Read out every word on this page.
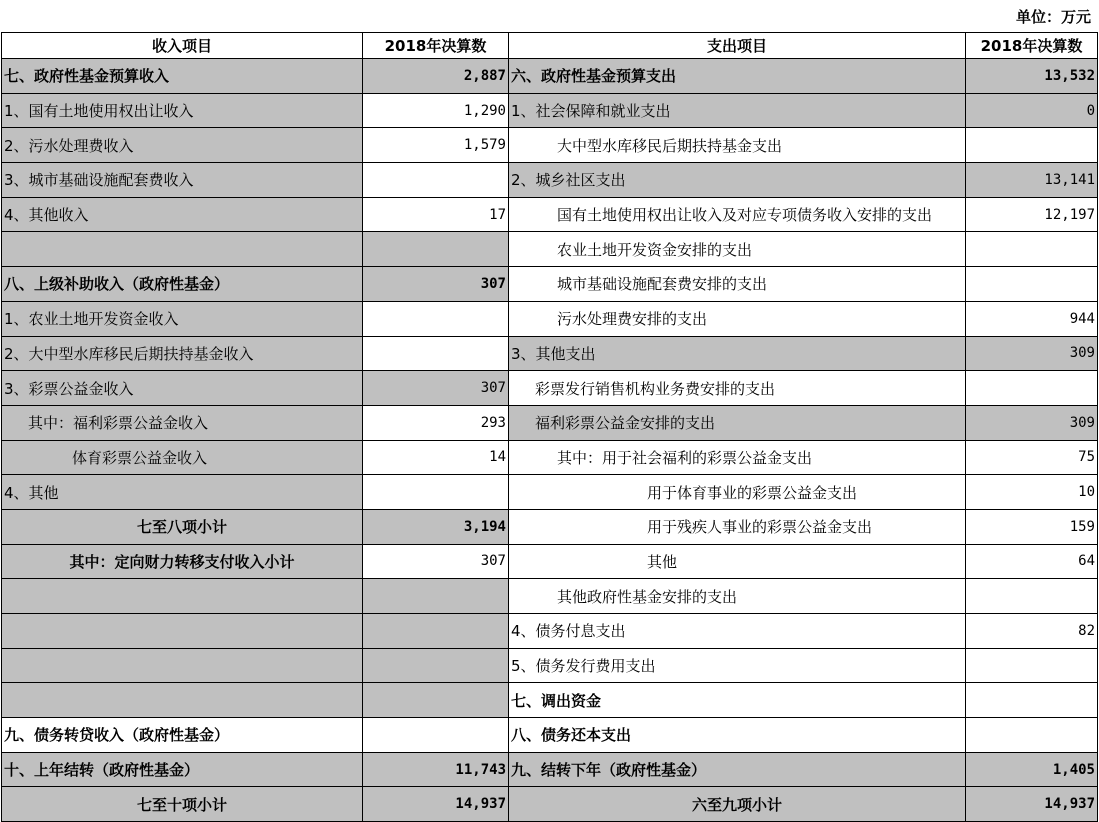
单位：万元
收入项目	2018年决算数	支出项目	2018年决算数
七、政府性基金预算收入	2,887	六、政府性基金预算支出	13,532
1、国有土地使用权出让收入	1,290	1、社会保障和就业支出	0
2、污水处理费收入	1,579	大中型水库移民后期扶持基金支出	
3、城市基础设施配套费收入		2、城乡社区支出	13,141
4、其他收入	17	国有土地使用权出让收入及对应专项债务收入安排的支出	12,197
		农业土地开发资金安排的支出	
八、上级补助收入（政府性基金）	307	城市基础设施配套费安排的支出	
1、农业土地开发资金收入		污水处理费安排的支出	944
2、大中型水库移民后期扶持基金收入		3、其他支出	309
3、彩票公益金收入	307	彩票发行销售机构业务费安排的支出	
其中：福利彩票公益金收入	293	福利彩票公益金安排的支出	309
体育彩票公益金收入	14	其中：用于社会福利的彩票公益金支出	75
4、其他		用于体育事业的彩票公益金支出	10
七至八项小计	3,194	用于残疾人事业的彩票公益金支出	159
其中：定向财力转移支付收入小计	307	其他	64
		其他政府性基金安排的支出	
		4、债务付息支出	82
		5、债务发行费用支出	
		七、调出资金	
九、债务转贷收入（政府性基金）		八、债务还本支出	
十、上年结转（政府性基金）	11,743	九、结转下年（政府性基金）	1,405
七至十项小计	14,937	六至九项小计	14,937
